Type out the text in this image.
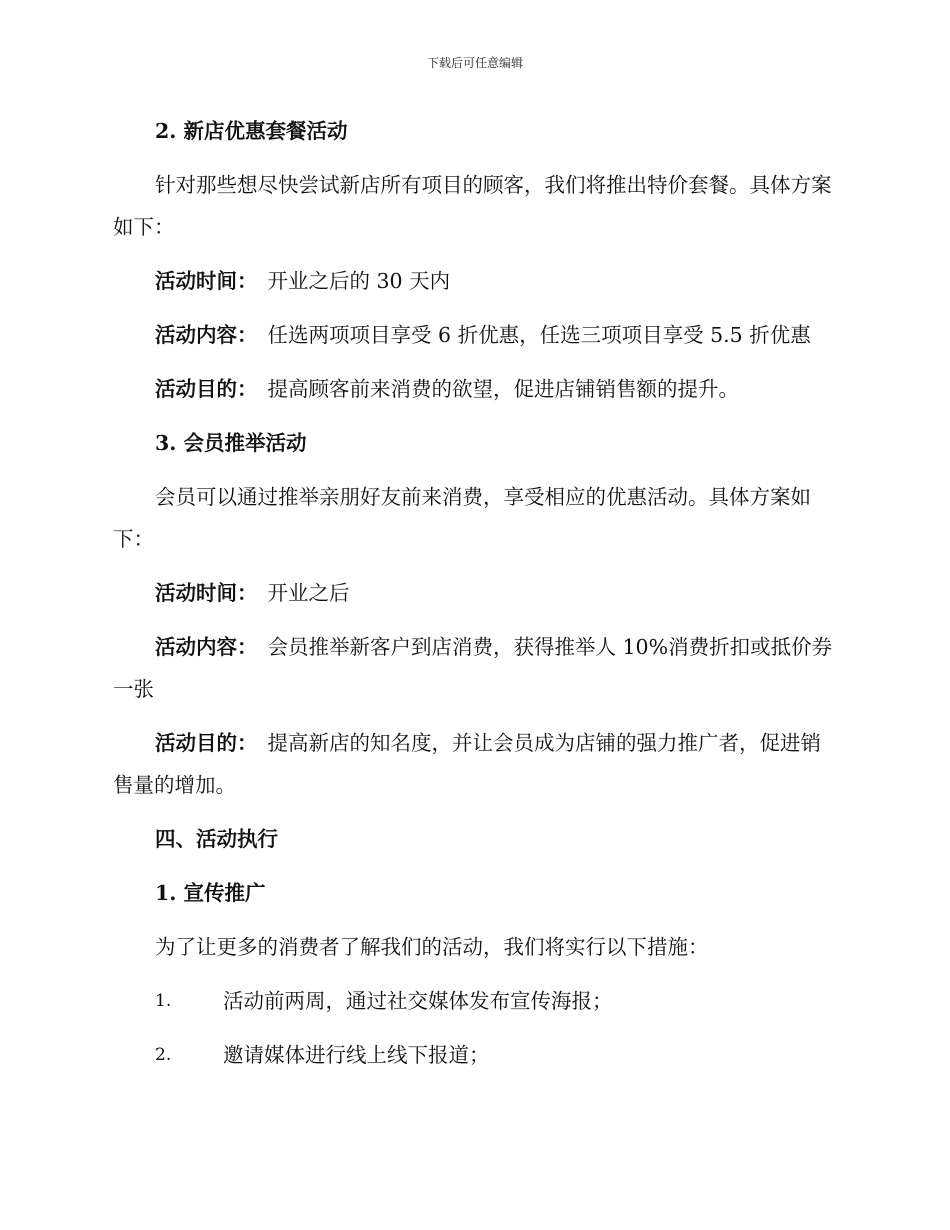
下载后可任意编辑
2. 新店优惠套餐活动
针对那些想尽快尝试新店所有项目的顾客，我们将推出特价套餐。具体方案如下：
活动时间： 开业之后的 30 天内
活动内容： 任选两项项目享受 6 折优惠，任选三项项目享受 5.5 折优惠
活动目的： 提高顾客前来消费的欲望，促进店铺销售额的提升。
3. 会员推举活动
会员可以通过推举亲朋好友前来消费，享受相应的优惠活动。具体方案如下：
活动时间： 开业之后
活动内容： 会员推举新客户到店消费，获得推举人 10%消费折扣或抵价券一张
活动目的： 提高新店的知名度，并让会员成为店铺的强力推广者，促进销售量的增加。
四、活动执行
1. 宣传推广
为了让更多的消费者了解我们的活动，我们将实行以下措施：
1.	活动前两周，通过社交媒体发布宣传海报；
2.	邀请媒体进行线上线下报道；
